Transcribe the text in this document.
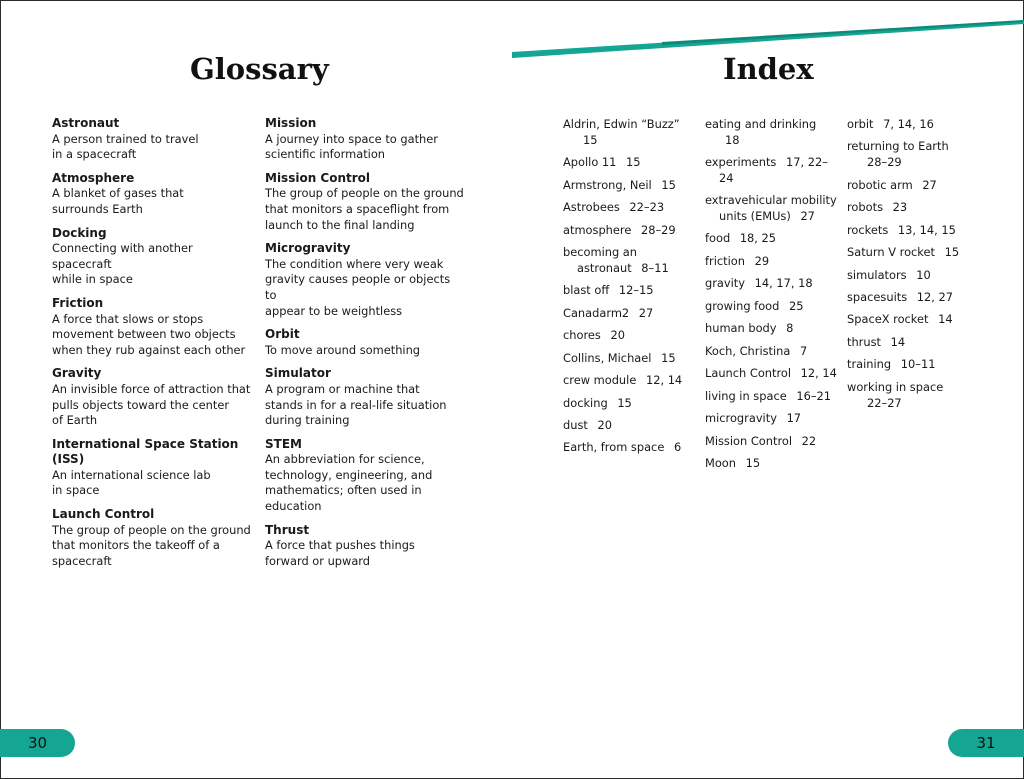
Glossary	Index
Astronaut
A person trained to travel
in a spacecraft
Atmosphere
A blanket of gases that
surrounds Earth
Docking
Connecting with another spacecraft
while in space
Friction
A force that slows or stops
movement between two objects
when they rub against each other
Gravity
An invisible force of attraction that
pulls objects toward the center
of Earth
International Space Station (ISS)
An international science lab
in space
Launch Control
The group of people on the ground
that monitors the takeoff of a
spacecraft
Mission
A journey into space to gather
scientific information
Mission Control
The group of people on the ground
that monitors a spaceflight from
launch to the final landing
Microgravity
The condition where very weak
gravity causes people or objects to
appear to be weightless
Orbit
To move around something
Simulator
A program or machine that
stands in for a real-life situation
during training
STEM
An abbreviation for science,
technology, engineering, and
mathematics; often used in
education
Thrust
A force that pushes things
forward or upward
Aldrin, Edwin “Buzz” 15
Apollo 11 15
Armstrong, Neil 15
Astrobees 22–23
atmosphere 28–29
becoming an astronaut 8–11
blast off 12–15
Canadarm2 27
chores 20
Collins, Michael 15
crew module 12, 14
docking 15
dust 20
Earth, from space 6
eating and drinking 18
experiments 17, 22–24
extravehicular mobility units (EMUs) 27
food 18, 25
friction 29
gravity 14, 17, 18
growing food 25
human body 8
Koch, Christina 7
Launch Control 12, 14
living in space 16–21
microgravity 17
Mission Control 22
Moon 15
orbit 7, 14, 16
returning to Earth 28–29
robotic arm 27
robots 23
rockets 13, 14, 15
Saturn V rocket 15
simulators 10
spacesuits 12, 27
SpaceX rocket 14
thrust 14
training 10–11
working in space 22–27
30	31
